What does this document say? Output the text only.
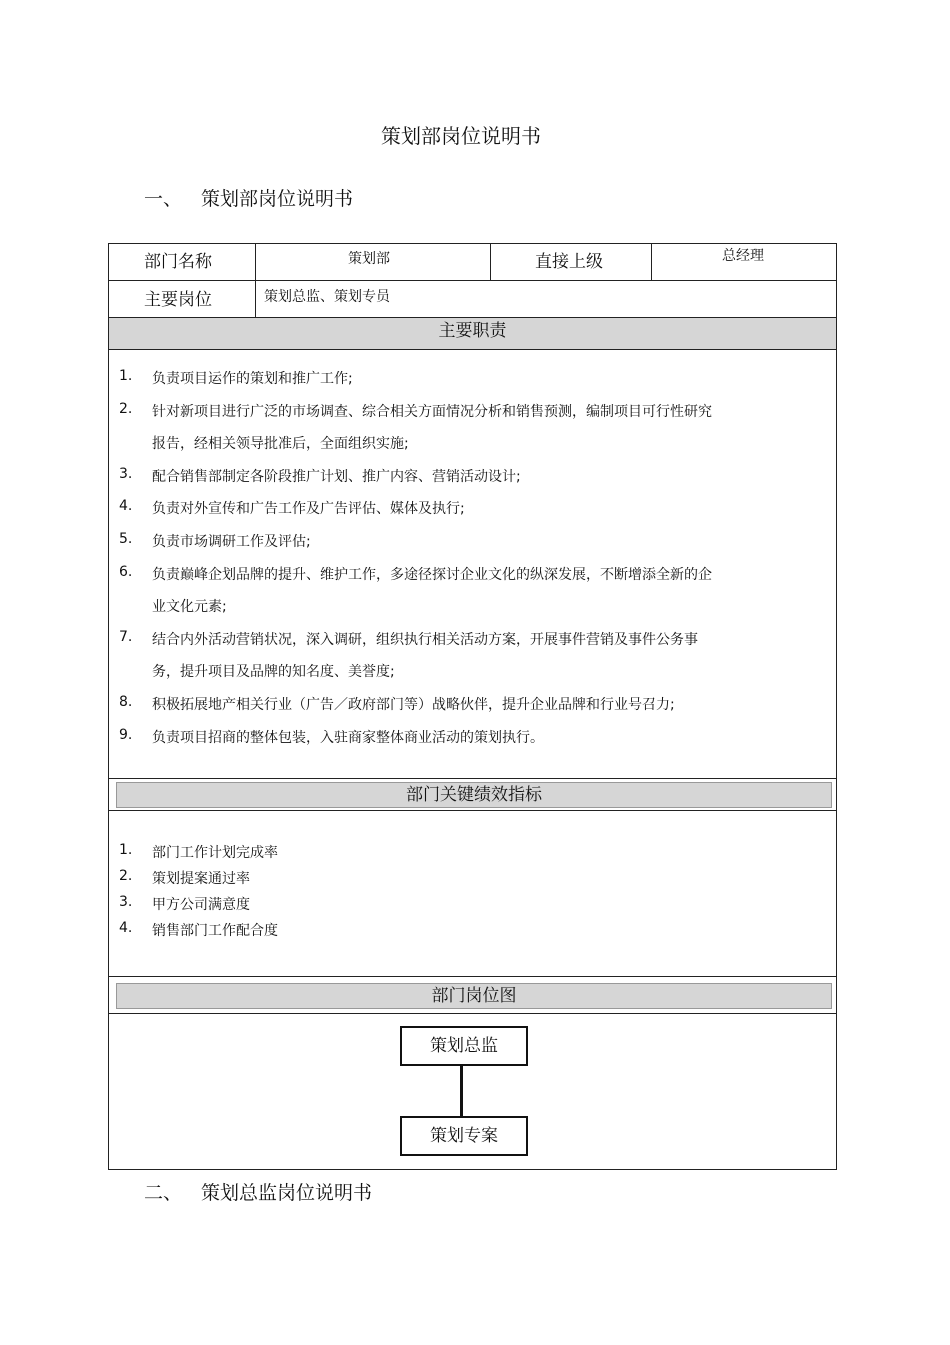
策划部岗位说明书
一、 策划部岗位说明书
部门名称	策划部	直接上级	总经理
主要岗位	策划总监、策划专员
主要职责
1. 负责项目运作的策划和推广工作;
2. 针对新项目进行广泛的市场调查、综合相关方面情况分析和销售预测，编制项目可行性研究
报告，经相关领导批准后，全面组织实施;
3. 配合销售部制定各阶段推广计划、推广内容、营销活动设计;
4. 负责对外宣传和广告工作及广告评估、媒体及执行;
5. 负责市场调研工作及评估;
6. 负责巅峰企划品牌的提升、维护工作，多途径探讨企业文化的纵深发展，不断增添全新的企
业文化元素;
7. 结合内外活动营销状况，深入调研，组织执行相关活动方案，开展事件营销及事件公务事
务，提升项目及品牌的知名度、美誉度;
8. 积极拓展地产相关行业（广告／政府部门等）战略伙伴，提升企业品牌和行业号召力;
9. 负责项目招商的整体包装，入驻商家整体商业活动的策划执行。
部门关键绩效指标
1. 部门工作计划完成率
2. 策划提案通过率
3. 甲方公司满意度
4. 销售部门工作配合度
部门岗位图
策划总监
策划专案
二、 策划总监岗位说明书
